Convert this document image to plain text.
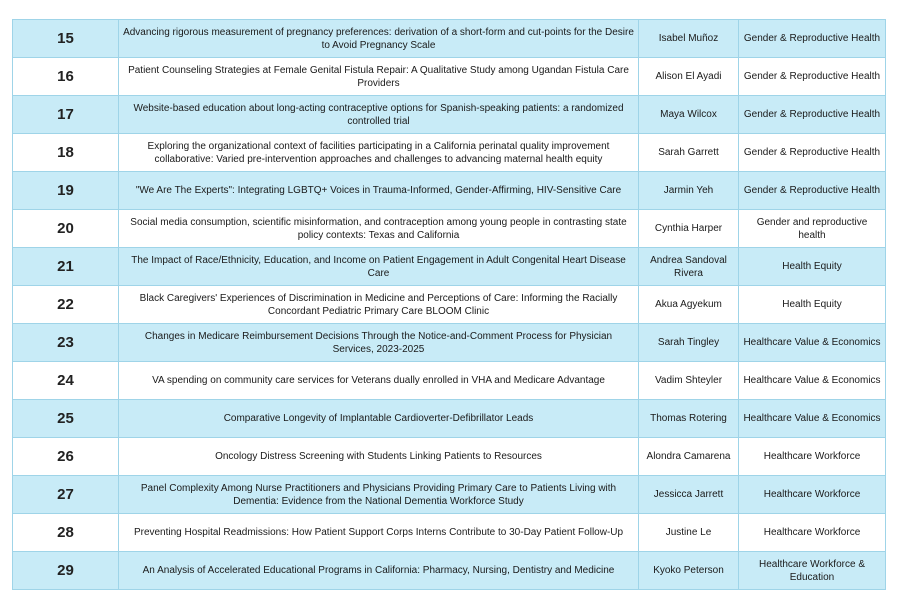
15	Advancing rigorous measurement of pregnancy preferences: derivation of a short-form and cut-points for the Desire to Avoid Pregnancy Scale	Isabel Muñoz	Gender & Reproductive Health
16	Patient Counseling Strategies at Female Genital Fistula Repair: A Qualitative Study among Ugandan Fistula Care Providers	Alison El Ayadi	Gender & Reproductive Health
17	Website-based education about long-acting contraceptive options for Spanish-speaking patients: a randomized controlled trial	Maya Wilcox	Gender & Reproductive Health
18	Exploring the organizational context of facilities participating in a California perinatal quality improvement collaborative: Varied pre-intervention approaches and challenges to advancing maternal health equity	Sarah Garrett	Gender & Reproductive Health
19	"We Are The Experts": Integrating LGBTQ+ Voices in Trauma-Informed, Gender-Affirming, HIV-Sensitive Care	Jarmin Yeh	Gender & Reproductive Health
20	Social media consumption, scientific misinformation, and contraception among young people in contrasting state policy contexts: Texas and California	Cynthia Harper	Gender and reproductive health
21	The Impact of Race/Ethnicity, Education, and Income on Patient Engagement in Adult Congenital Heart Disease Care	Andrea Sandoval Rivera	Health Equity
22	Black Caregivers' Experiences of Discrimination in Medicine and Perceptions of Care: Informing the Racially Concordant Pediatric Primary Care BLOOM Clinic	Akua Agyekum	Health Equity
23	Changes in Medicare Reimbursement Decisions Through the Notice-and-Comment Process for Physician Services, 2023-2025	Sarah Tingley	Healthcare Value & Economics
24	VA spending on community care services for Veterans dually enrolled in VHA and Medicare Advantage	Vadim Shteyler	Healthcare Value & Economics
25	Comparative Longevity of Implantable Cardioverter-Defibrillator Leads	Thomas Rotering	Healthcare Value & Economics
26	Oncology Distress Screening with Students Linking Patients to Resources	Alondra Camarena	Healthcare Workforce
27	Panel Complexity Among Nurse Practitioners and Physicians Providing Primary Care to Patients Living with Dementia: Evidence from the National Dementia Workforce Study	Jessicca Jarrett	Healthcare Workforce
28	Preventing Hospital Readmissions: How Patient Support Corps Interns Contribute to 30-Day Patient Follow-Up	Justine Le	Healthcare Workforce
29	An Analysis of Accelerated Educational Programs in California: Pharmacy, Nursing, Dentistry and Medicine	Kyoko Peterson	Healthcare Workforce & Education
